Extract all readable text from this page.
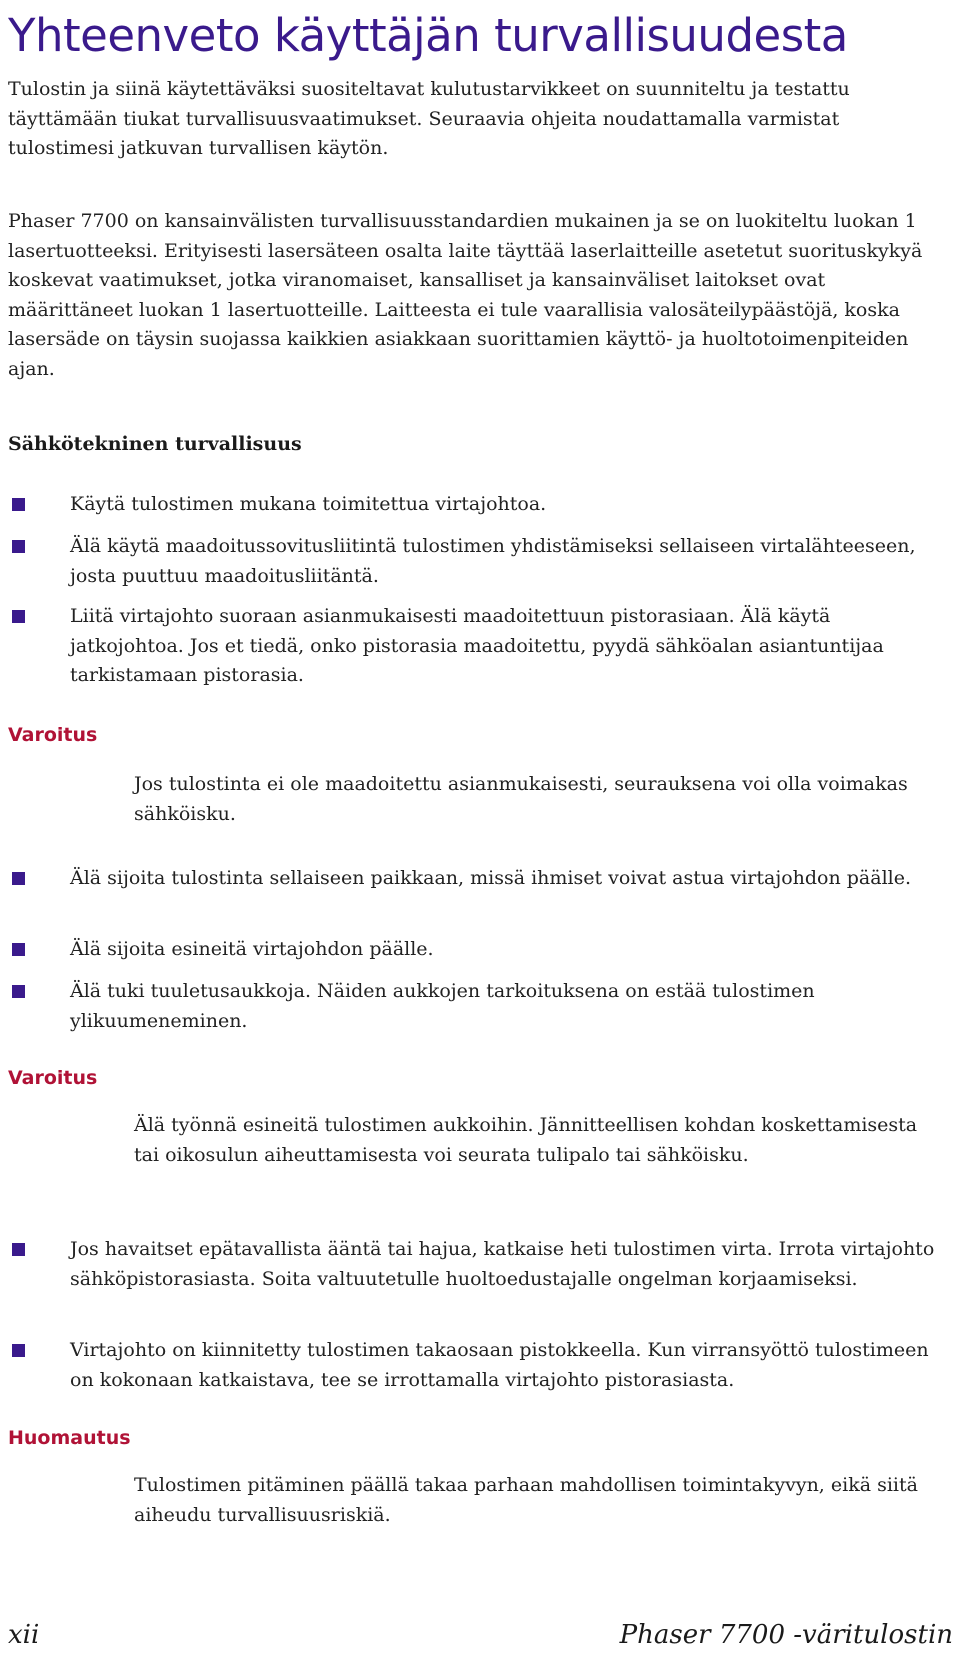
Yhteenveto käyttäjän turvallisuudesta

Tulostin ja siinä käytettäväksi suositeltavat kulutustarvikkeet on suunniteltu ja testattu täyttämään tiukat turvallisuusvaatimukset. Seuraavia ohjeita noudattamalla varmistat tulostimesi jatkuvan turvallisen käytön.

Phaser 7700 on kansainvälisten turvallisuusstandardien mukainen ja se on luokiteltu luokan 1 lasertuotteeksi. Erityisesti lasersäteen osalta laite täyttää laserlaitteille asetetut suorituskykyä koskevat vaatimukset, jotka viranomaiset, kansalliset ja kansainväliset laitokset ovat määrittäneet luokan 1 lasertuotteille. Laitteesta ei tule vaarallisia valosäteilypäästöjä, koska lasersäde on täysin suojassa kaikkien asiakkaan suorittamien käyttö- ja huoltotoimenpiteiden ajan.

Sähkötekninen turvallisuus
Käytä tulostimen mukana toimitettua virtajohtoa.
Älä käytä maadoitussovitusliitintä tulostimen yhdistämiseksi sellaiseen virtalähteeseen, josta puuttuu maadoitusliitäntä.
Liitä virtajohto suoraan asianmukaisesti maadoitettuun pistorasiaan. Älä käytä jatkojohtoa. Jos et tiedä, onko pistorasia maadoitettu, pyydä sähköalan asiantuntijaa tarkistamaan pistorasia.
Varoitus

Jos tulostinta ei ole maadoitettu asianmukaisesti, seurauksena voi olla voimakas sähköisku.

Älä sijoita tulostinta sellaiseen paikkaan, missä ihmiset voivat astua virtajohdon päälle.
Älä sijoita esineitä virtajohdon päälle.
Älä tuki tuuletusaukkoja. Näiden aukkojen tarkoituksena on estää tulostimen ylikuumeneminen.
Varoitus

Älä työnnä esineitä tulostimen aukkoihin. Jännitteellisen kohdan koskettamisesta tai oikosulun aiheuttamisesta voi seurata tulipalo tai sähköisku.

Jos havaitset epätavallista ääntä tai hajua, katkaise heti tulostimen virta. Irrota virtajohto sähköpistorasiasta. Soita valtuutetulle huoltoedustajalle ongelman korjaamiseksi.
Virtajohto on kiinnitetty tulostimen takaosaan pistokkeella. Kun virransyöttö tulostimeen on kokonaan katkaistava, tee se irrottamalla virtajohto pistorasiasta.
Huomautus

Tulostimen pitäminen päällä takaa parhaan mahdollisen toimintakyvyn, eikä siitä aiheudu turvallisuusriskiä.

xii	Phaser 7700 -väritulostin
